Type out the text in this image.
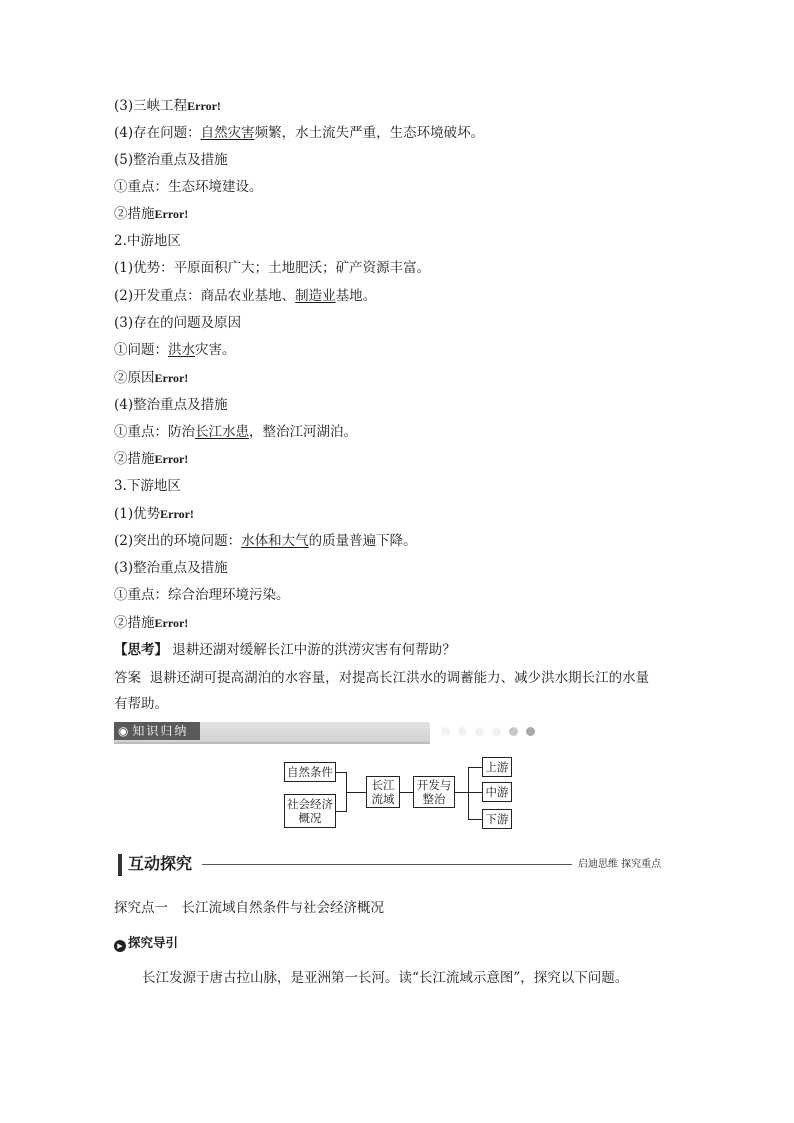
(3)三峡工程Error!
(4)存在问题：自然灾害频繁，水土流失严重，生态环境破坏。
(5)整治重点及措施
①重点：生态环境建设。
②措施Error!
2.中游地区
(1)优势：平原面积广大；土地肥沃；矿产资源丰富。
(2)开发重点：商品农业基地、制造业基地。
(3)存在的问题及原因
①问题：洪水灾害。
②原因Error!
(4)整治重点及措施
①重点：防治长江水患，整治江河湖泊。
②措施Error!
3.下游地区
(1)优势Error!
(2)突出的环境问题：水体和大气的质量普遍下降。
(3)整治重点及措施
①重点：综合治理环境污染。
②措施Error!
【思考】 退耕还湖对缓解长江中游的洪涝灾害有何帮助？
答案 退耕还湖可提高湖泊的水容量，对提高长江洪水的调蓄能力、减少洪水期长江的水量
有帮助。
◉ 知识归纳
自然条件
社会经济
概况
长江
流域
开发与
整治
上游
中游
下游
互动探究	启迪思维 探究重点
探究点一　长江流域自然条件与社会经济概况
▶ 探究导引
长江发源于唐古拉山脉，是亚洲第一长河。读“长江流域示意图”，探究以下问题。
